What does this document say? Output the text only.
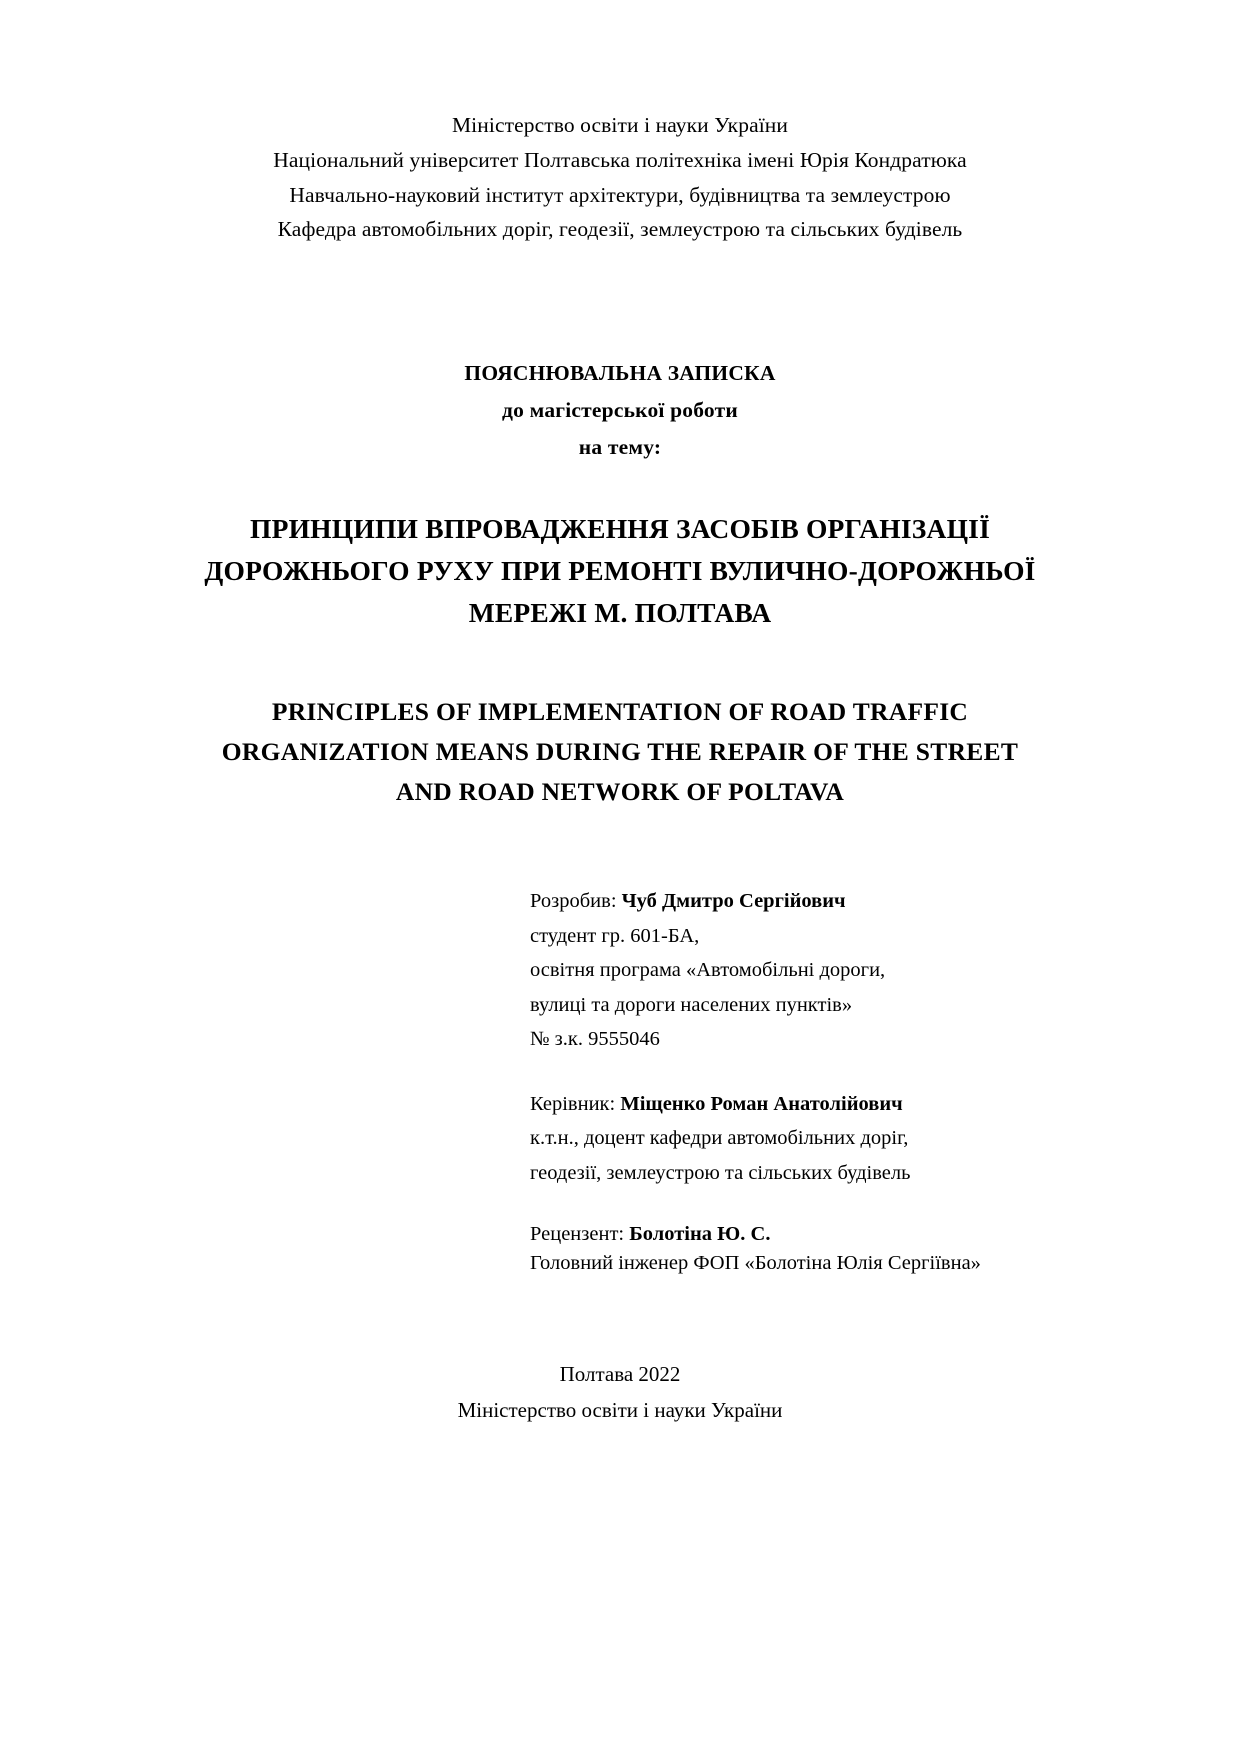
Міністерство освіти і науки України
Національний університет Полтавська політехніка імені Юрія Кондратюка
Навчально-науковий інститут архітектури, будівництва та землеустрою
Кафедра автомобільних доріг, геодезії, землеустрою та сільських будівель
ПОЯСНЮВАЛЬНА ЗАПИСКА
до магістерської роботи
на тему:
ПРИНЦИПИ ВПРОВАДЖЕННЯ ЗАСОБІВ ОРГАНІЗАЦІЇ
ДОРОЖНЬОГО РУХУ ПРИ РЕМОНТІ ВУЛИЧНО-ДОРОЖНЬОЇ
МЕРЕЖІ М. ПОЛТАВА
PRINCIPLES OF IMPLEMENTATION OF ROAD TRAFFIC
ORGANIZATION MEANS DURING THE REPAIR OF THE STREET
AND ROAD NETWORK OF POLTAVA
Розробив: Чуб Дмитро Сергійович
студент гр. 601-БА,
освітня програма «Автомобільні дороги,
вулиці та дороги населених пунктів»
№ з.к. 9555046
Керівник: Міщенко Роман Анатолійович
к.т.н., доцент кафедри автомобільних доріг,
геодезії, землеустрою та сільських будівель
Рецензент: Болотіна Ю. С.
Головний інженер ФОП «Болотіна Юлія Сергіївна»
Полтава 2022
Міністерство освіти і науки України
